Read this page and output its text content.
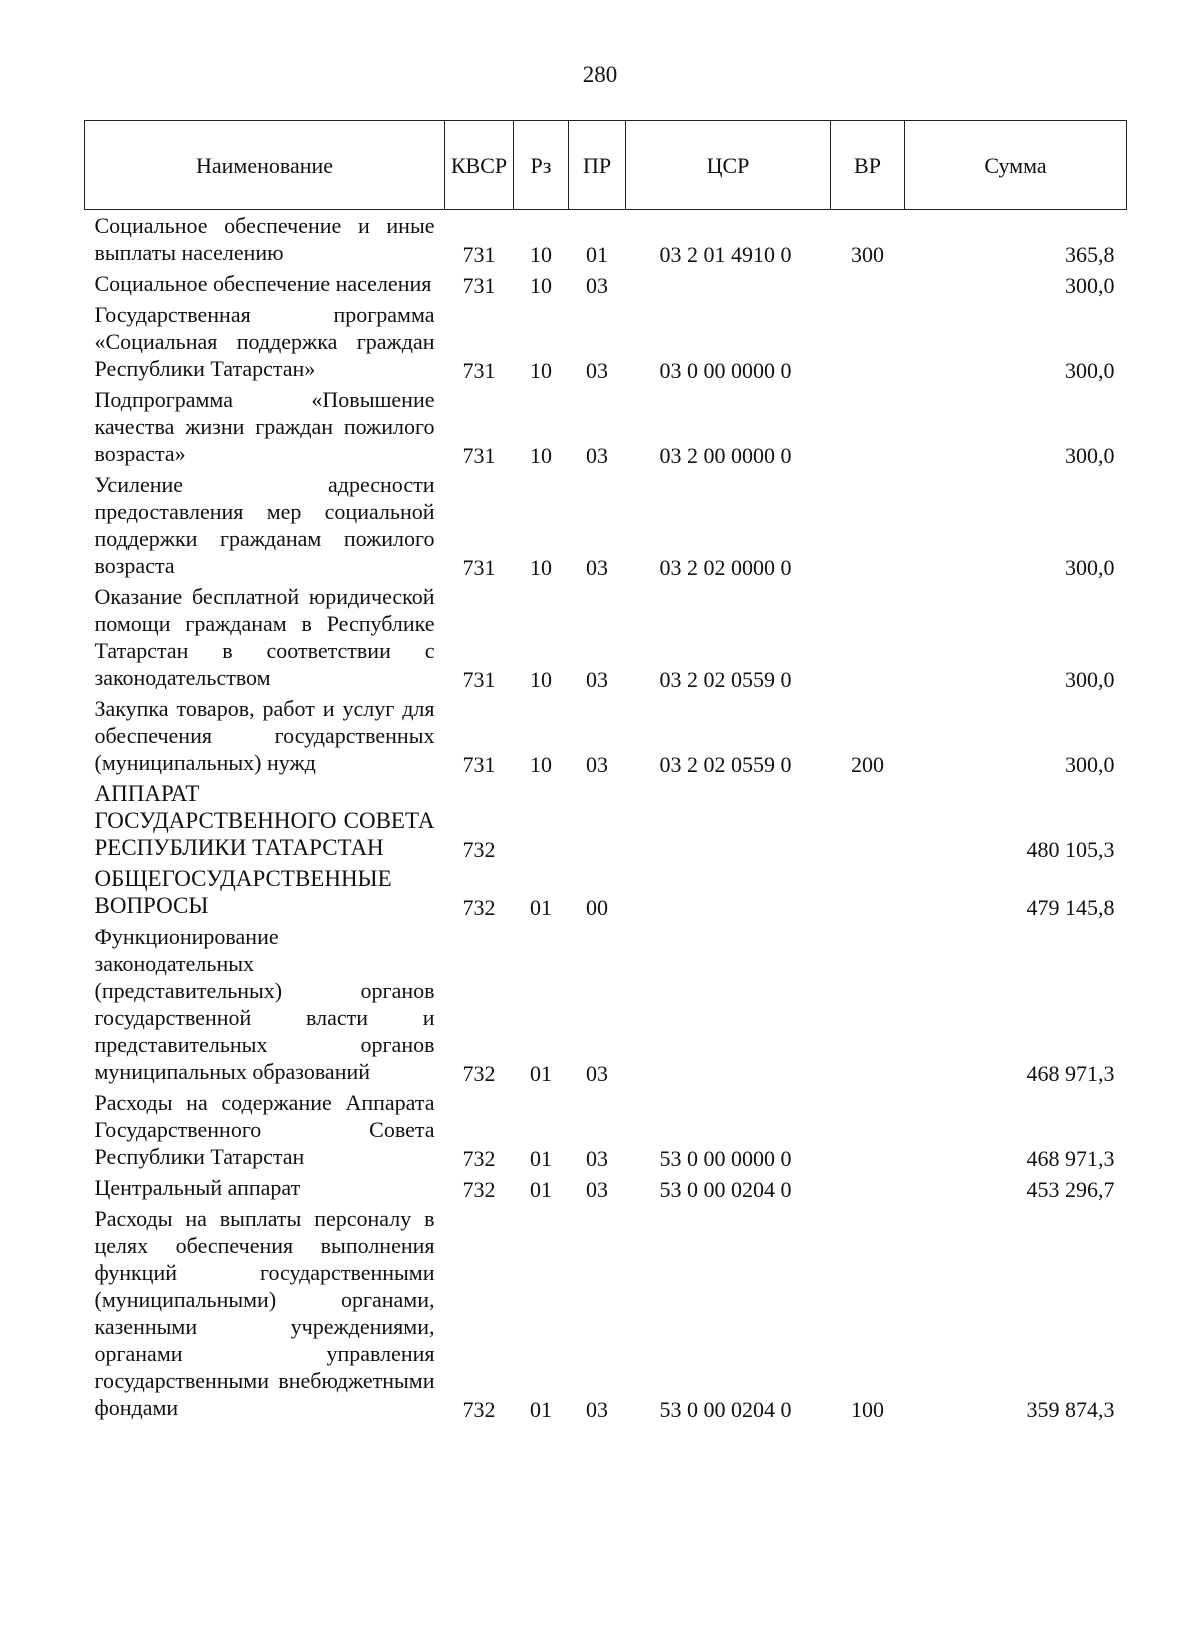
280
Наименование	КВСР	Рз	ПР	ЦСР	ВР	Сумма
Социальное обеспечение и иные выплаты населению	731	10	01	03 2 01 4910 0	300	365,8
Социальное обеспечение населения	731	10	03			300,0
Государственная программа «Социальная поддержка граждан Республики Татарстан»	731	10	03	03 0 00 0000 0		300,0
Подпрограмма «Повышение качества жизни граждан пожилого возраста»	731	10	03	03 2 00 0000 0		300,0
Усиление адресности предоставления мер социальной поддержки гражданам пожилого возраста	731	10	03	03 2 02 0000 0		300,0
Оказание бесплатной юридической помощи гражданам в Республике Татарстан в соответствии с законодательством	731	10	03	03 2 02 0559 0		300,0
Закупка товаров, работ и услуг для обеспечения государственных (муниципальных) нужд	731	10	03	03 2 02 0559 0	200	300,0
АППАРАТ ГОСУДАРСТВЕННОГО СОВЕТА РЕСПУБЛИКИ ТАТАРСТАН	732					480 105,3
ОБЩЕГОСУДАРСТВЕННЫЕ ВОПРОСЫ	732	01	00			479 145,8
Функционирование законодательных (представительных) органов государственной власти и представительных органов муниципальных образований	732	01	03			468 971,3
Расходы на содержание Аппарата Государственного Совета Республики Татарстан	732	01	03	53 0 00 0000 0		468 971,3
Центральный аппарат	732	01	03	53 0 00 0204 0		453 296,7
Расходы на выплаты персоналу в целях обеспечения выполнения функций государственными (муниципальными) органами, казенными учреждениями, органами управления государственными внебюджетными фондами	732	01	03	53 0 00 0204 0	100	359 874,3
